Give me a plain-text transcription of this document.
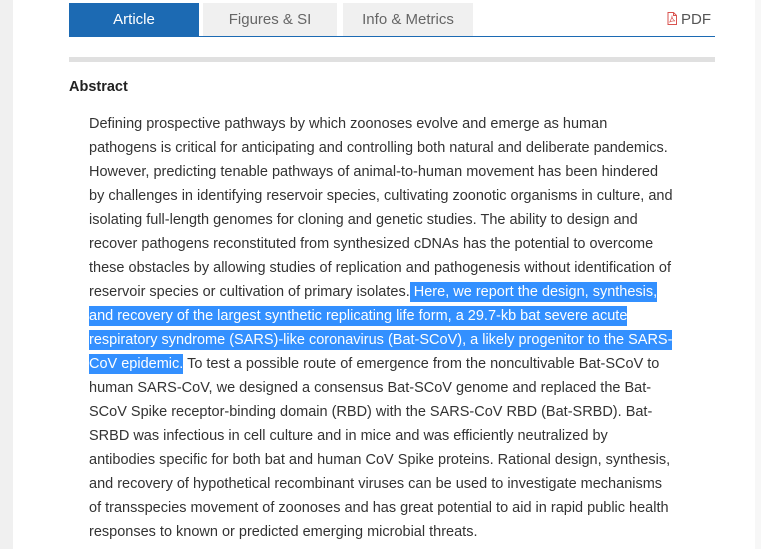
Article	Figures & SI	Info & Metrics	PDF
Abstract
Defining prospective pathways by which zoonoses evolve and emerge as human
pathogens is critical for anticipating and controlling both natural and deliberate pandemics.
However, predicting tenable pathways of animal-to-human movement has been hindered
by challenges in identifying reservoir species, cultivating zoonotic organisms in culture, and
isolating full-length genomes for cloning and genetic studies. The ability to design and
recover pathogens reconstituted from synthesized cDNAs has the potential to overcome
these obstacles by allowing studies of replication and pathogenesis without identification of
reservoir species or cultivation of primary isolates. Here, we report the design, synthesis,
and recovery of the largest synthetic replicating life form, a 29.7-kb bat severe acute
respiratory syndrome (SARS)-like coronavirus (Bat-SCoV), a likely progenitor to the SARS-
CoV epidemic. To test a possible route of emergence from the noncultivable Bat-SCoV to
human SARS-CoV, we designed a consensus Bat-SCoV genome and replaced the Bat-
SCoV Spike receptor-binding domain (RBD) with the SARS-CoV RBD (Bat-SRBD). Bat-
SRBD was infectious in cell culture and in mice and was efficiently neutralized by
antibodies specific for both bat and human CoV Spike proteins. Rational design, synthesis,
and recovery of hypothetical recombinant viruses can be used to investigate mechanisms
of transspecies movement of zoonoses and has great potential to aid in rapid public health
responses to known or predicted emerging microbial threats.
